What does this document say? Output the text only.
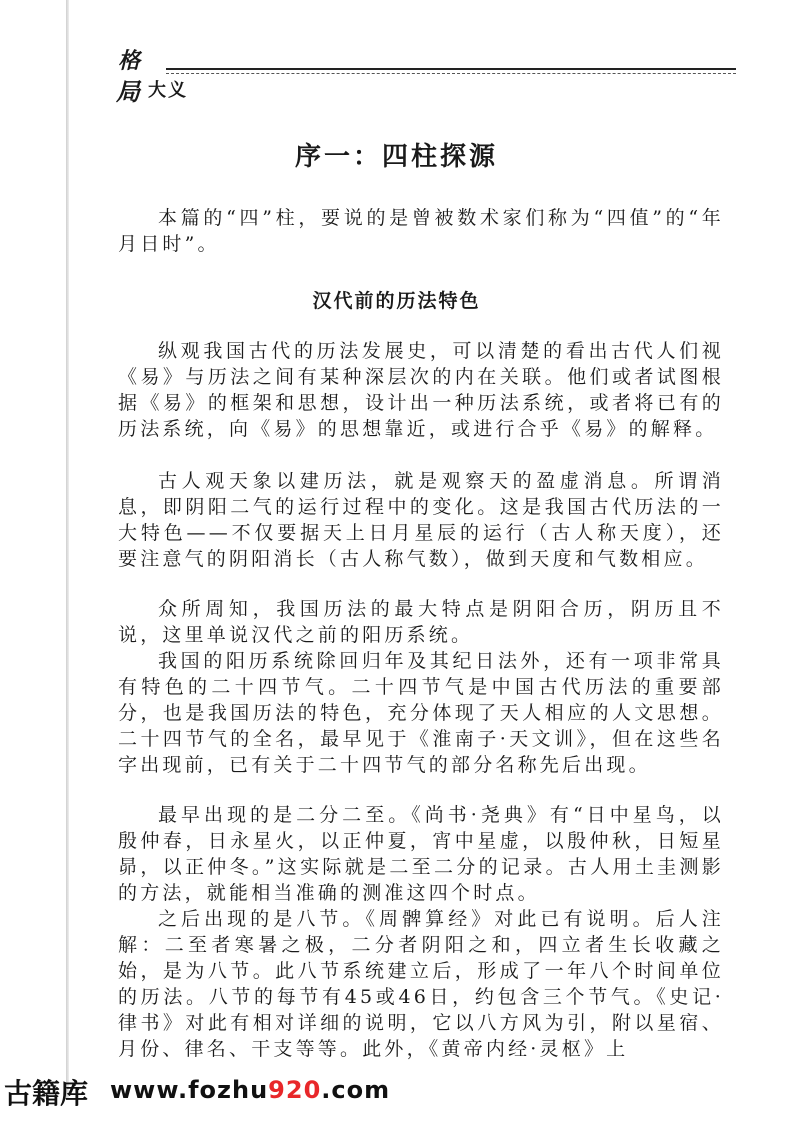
格
局 大义
序一：四柱探源

本篇的“四”柱，要说的是曾被数术家们称为“四值”的“年月日时”。

汉代前的历法特色

纵观我国古代的历法发展史，可以清楚的看出古代人们视《易》与历法之间有某种深层次的内在关联。他们或者试图根据《易》的框架和思想，设计出一种历法系统，或者将已有的历法系统，向《易》的思想靠近，或进行合乎《易》的解释。

古人观天象以建历法，就是观察天的盈虚消息。所谓消息，即阴阳二气的运行过程中的变化。这是我国古代历法的一大特色——不仅要据天上日月星辰的运行（古人称天度），还要注意气的阴阳消长（古人称气数），做到天度和气数相应。

众所周知，我国历法的最大特点是阴阳合历，阴历且不说，这里单说汉代之前的阳历系统。

我国的阳历系统除回归年及其纪日法外，还有一项非常具有特色的二十四节气。二十四节气是中国古代历法的重要部分，也是我国历法的特色，充分体现了天人相应的人文思想。二十四节气的全名，最早见于《淮南子·天文训》，但在这些名字出现前，已有关于二十四节气的部分名称先后出现。

最早出现的是二分二至。《尚书·尧典》有“日中星鸟，以殷仲春，日永星火，以正仲夏，宵中星虚，以殷仲秋，日短星昴，以正仲冬。”这实际就是二至二分的记录。古人用土圭测影的方法，就能相当准确的测准这四个时点。

之后出现的是八节。《周髀算经》对此已有说明。后人注解：二至者寒暑之极，二分者阴阳之和，四立者生长收藏之始，是为八节。此八节系统建立后，形成了一年八个时间单位的历法。八节的每节有45或46日，约包含三个节气。《史记·律书》对此有相对详细的说明，它以八方风为引，附以星宿、月份、律名、干支等等。此外，《黄帝内经·灵枢》上

古籍库 www.fozhu920.com
